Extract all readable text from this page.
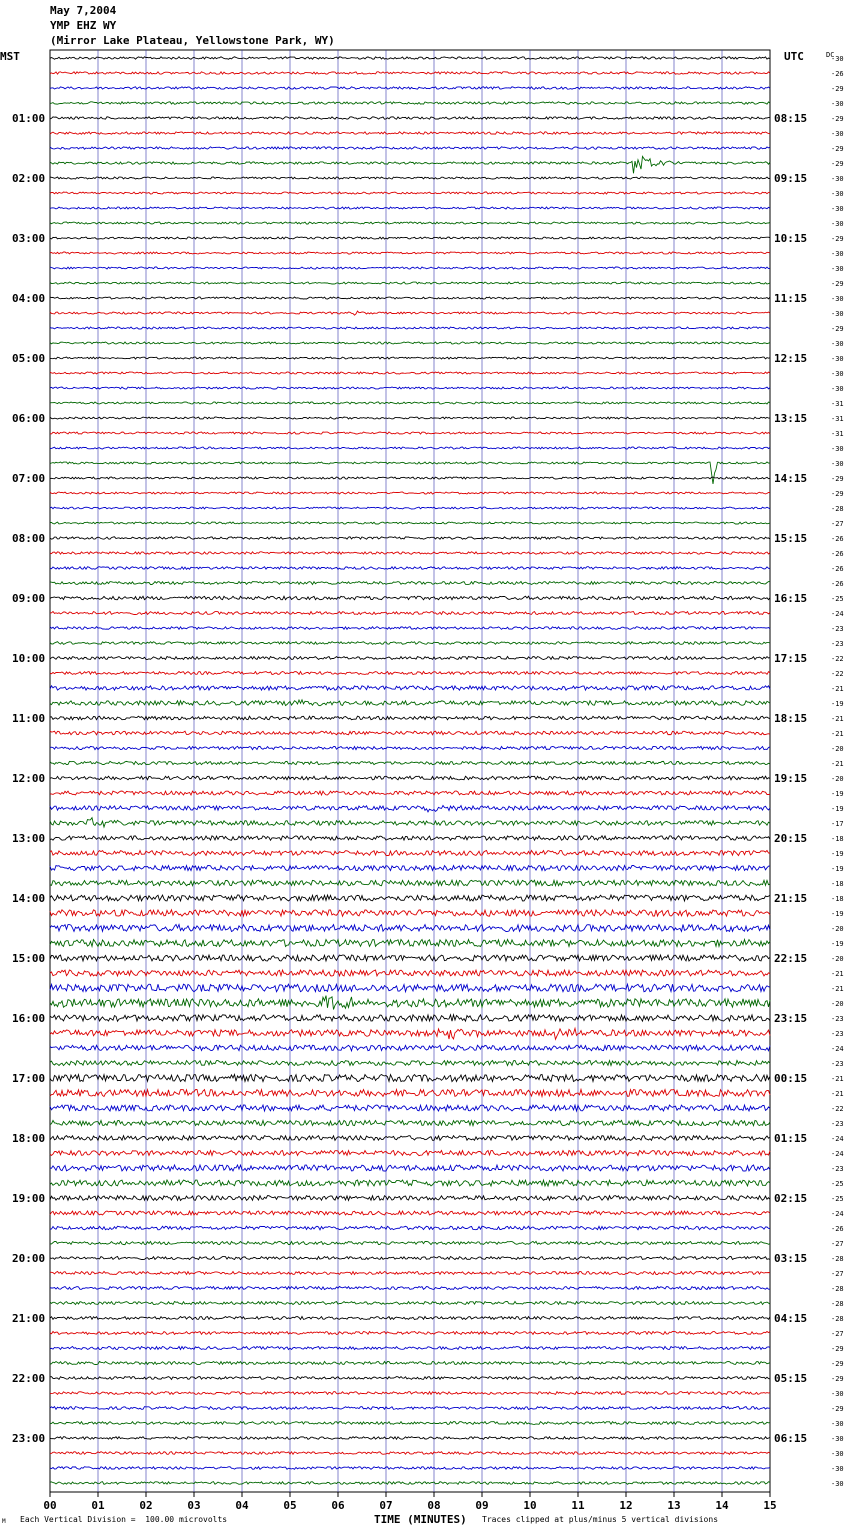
May 7,2004
YMP EHZ WY
(Mirror Lake Plateau, Yellowstone Park, WY)
01:00	08:15
02:00	09:15
03:00	10:15
04:00	11:15
05:00	12:15
06:00	13:15
07:00	14:15
08:00	15:15
09:00	16:15
10:00	17:15
11:00	18:15
12:00	19:15
13:00	20:15
14:00	21:15
15:00	22:15
16:00	23:15
17:00	00:15
18:00	01:15
19:00	02:15
20:00	03:15
21:00	04:15
22:00	05:15
23:00	06:15
-30
-26
-29
-30
-29
-30
-29
-29
-30
-30
-30
-30
-29
-30
-30
-29
-30
-30
-29
-30
-30
-30
-30
-31
-31
-31
-30
-30
-29
-29
-28
-27
-26
-26
-26
-26
-25
-24
-23
-23
-22
-22
-21
-19
-21
-21
-20
-21
-20
-19
-19
-17
-18
-19
-19
-18
-18
-19
-20
-19
-20
-21
-21
-20
-23
-23
-24
-23
-21
-21
-22
-23
-24
-24
-23
-25
-25
-24
-26
-27
-28
-27
-28
-28
-28
-27
-29
-29
-29
-30
-29
-30
-30
-30
-30
-30
00	01	02	03	04	05	06	07	08	09	10	11	12	13	14	15
MST	UTC	DC
TIME (MINUTES)
M Each Vertical Division =  100.00 microvolts	Traces clipped at plus/minus 5 vertical divisions
